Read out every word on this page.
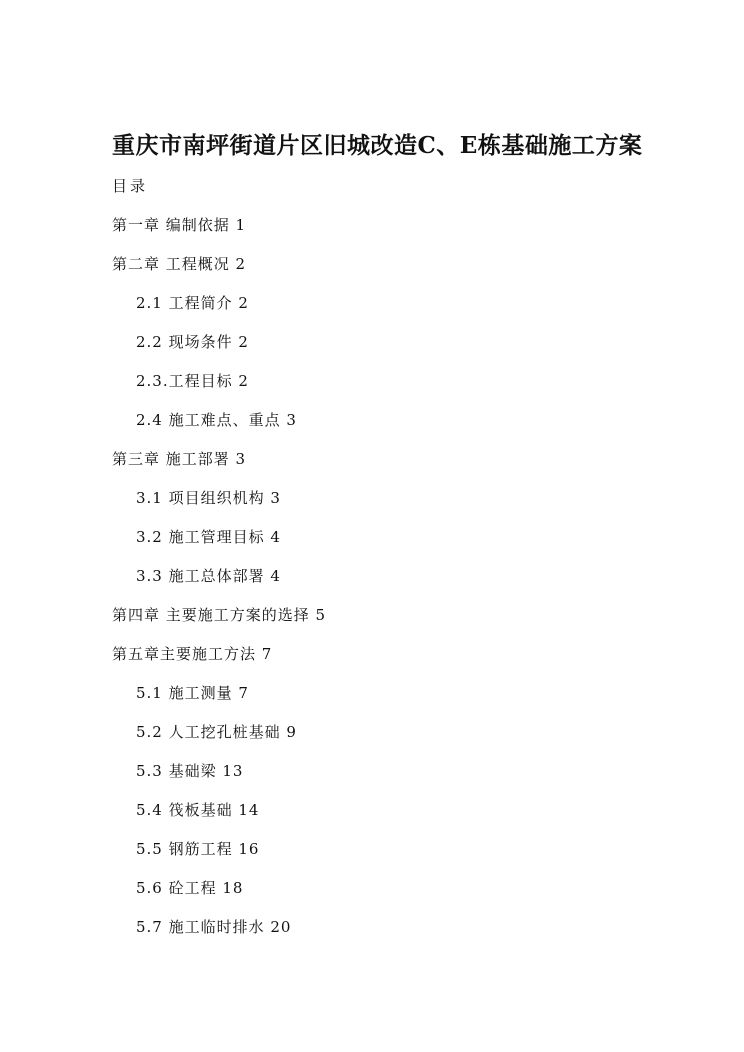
重庆市南坪街道片区旧城改造C、E栋基础施工方案
目录
第一章 编制依据 1
第二章 工程概况 2
2.1 工程简介 2
2.2 现场条件 2
2.3.工程目标 2
2.4 施工难点、重点 3
第三章 施工部署 3
3.1 项目组织机构 3
3.2 施工管理目标 4
3.3 施工总体部署 4
第四章 主要施工方案的选择 5
第五章主要施工方法 7
5.1 施工测量 7
5.2 人工挖孔桩基础 9
5.3 基础梁 13
5.4 筏板基础 14
5.5 钢筋工程 16
5.6 砼工程 18
5.7 施工临时排水 20
